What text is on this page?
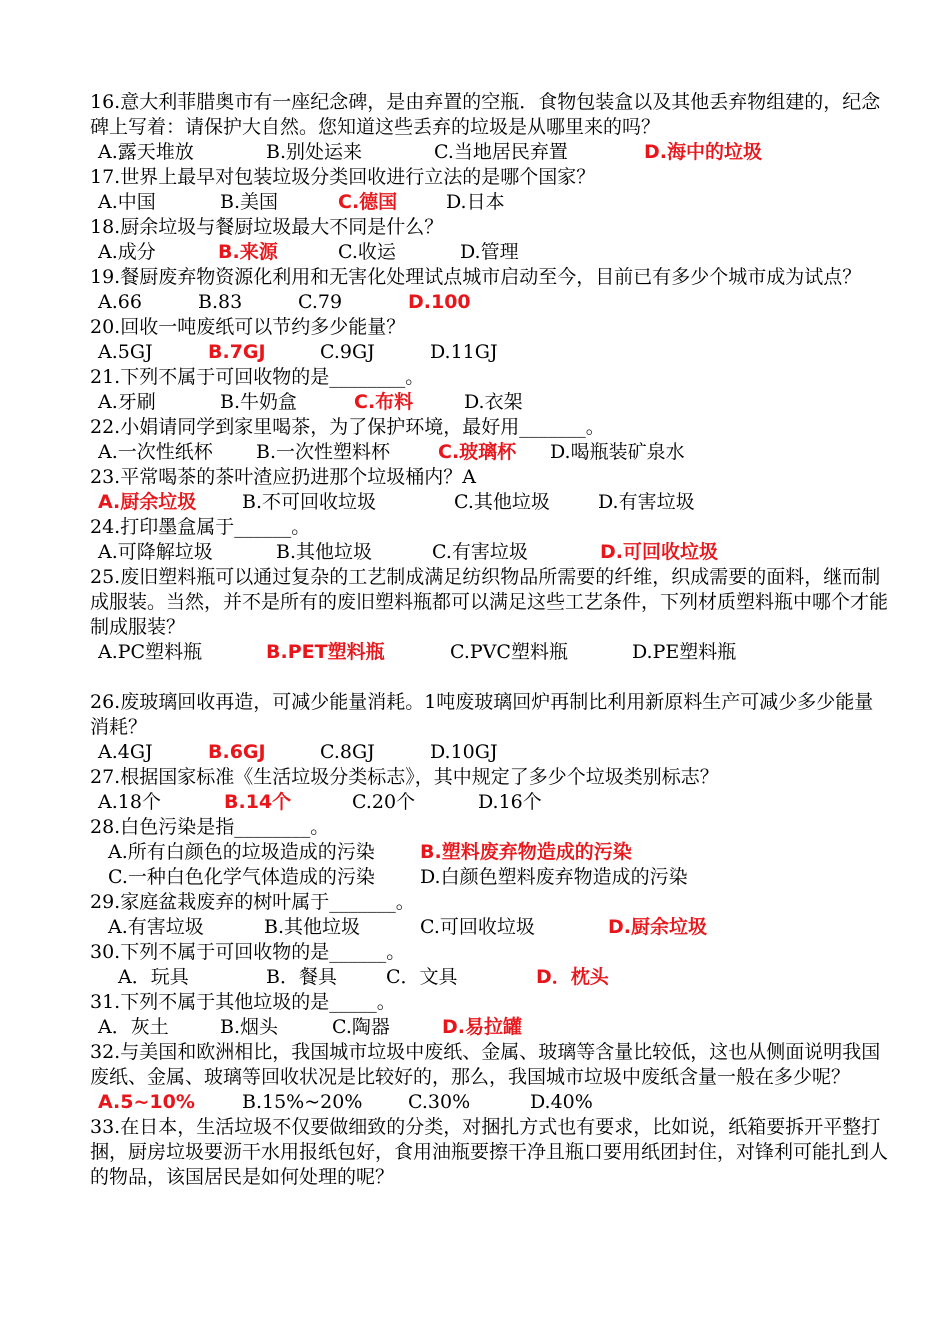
16.意大利菲腊奥市有一座纪念碑，是由弃置的空瓶．食物包装盒以及其他丢弃物组建的，纪念碑上写着：请保护大自然。您知道这些丢弃的垃圾是从哪里来的吗？
A.露天堆放	B.别处运来	C.当地居民弃置	D.海中的垃圾
17.世界上最早对包装垃圾分类回收进行立法的是哪个国家？
A.中国	B.美国	C.德国	D.日本
18.厨余垃圾与餐厨垃圾最大不同是什么？
A.成分	B.来源	C.收运	D.管理
19.餐厨废弃物资源化利用和无害化处理试点城市启动至今，目前已有多少个城市成为试点？
A.66	B.83	C.79	D.100
20.回收一吨废纸可以节约多少能量？
A.5GJ	B.7GJ	C.9GJ	D.11GJ
21.下列不属于可回收物的是________。
A.牙刷	B.牛奶盒	C.布料	D.衣架
22.小娟请同学到家里喝茶，为了保护环境，最好用_______。
A.一次性纸杯 B.一次性塑料杯	C.玻璃杯 D.喝瓶装矿泉水
23.平常喝茶的茶叶渣应扔进那个垃圾桶内？A
A.厨余垃圾 B.不可回收垃圾	C.其他垃圾	D.有害垃圾
24.打印墨盒属于______。
A.可降解垃圾	B.其他垃圾	C.有害垃圾	D.可回收垃圾
25.废旧塑料瓶可以通过复杂的工艺制成满足纺织物品所需要的纤维，织成需要的面料，继而制成服装。当然，并不是所有的废旧塑料瓶都可以满足这些工艺条件，下列材质塑料瓶中哪个才能制成服装？
A.PC塑料瓶	B.PET塑料瓶	C.PVC塑料瓶	D.PE塑料瓶
26.废玻璃回收再造，可减少能量消耗。1吨废玻璃回炉再制比利用新原料生产可减少多少能量消耗？
A.4GJ	B.6GJ	C.8GJ	D.10GJ
27.根据国家标准《生活垃圾分类标志》，其中规定了多少个垃圾类别标志？
A.18个	B.14个	C.20个	D.16个
28.白色污染是指________。
A.所有白颜色的垃圾造成的污染 B.塑料废弃物造成的污染
C.一种白色化学气体造成的污染 D.白颜色塑料废弃物造成的污染
29.家庭盆栽废弃的树叶属于_______。
A.有害垃圾	B.其他垃圾	C.可回收垃圾	D.厨余垃圾
30.下列不属于可回收物的是______。
A．玩具	B．餐具	C．文具	D．枕头
31.下列不属于其他垃圾的是_____。
A．灰土	B.烟头	C.陶器	D.易拉罐
32.与美国和欧洲相比，我国城市垃圾中废纸、金属、玻璃等含量比较低，这也从侧面说明我国废纸、金属、玻璃等回收状况是比较好的，那么，我国城市垃圾中废纸含量一般在多少呢？
A.5~10% B.15%~20% C.30%	D.40%
33.在日本，生活垃圾不仅要做细致的分类，对捆扎方式也有要求，比如说，纸箱要拆开平整打捆，厨房垃圾要沥干水用报纸包好，食用油瓶要擦干净且瓶口要用纸团封住，对锋利可能扎到人的物品，该国居民是如何处理的呢？
